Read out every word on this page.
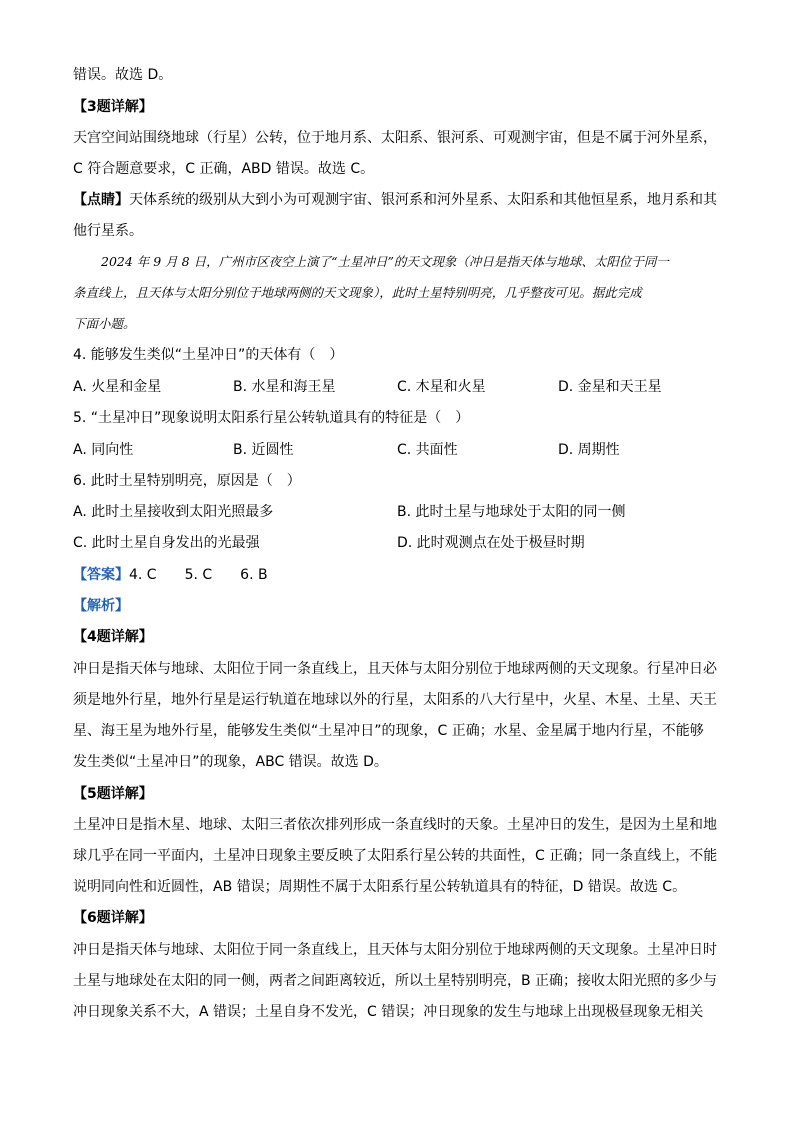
错误。故选 D。
【3题详解】
天宫空间站围绕地球（行星）公转，位于地月系、太阳系、银河系、可观测宇宙，但是不属于河外星系，
C 符合题意要求，C 正确，ABD 错误。故选 C。
【点睛】天体系统的级别从大到小为可观测宇宙、银河系和河外星系、太阳系和其他恒星系，地月系和其
他行星系。
2024 年 9 月 8 日，广州市区夜空上演了“土星冲日”的天文现象（冲日是指天体与地球、太阳位于同一
条直线上，且天体与太阳分别位于地球两侧的天文现象），此时土星特别明亮，几乎整夜可见。据此完成
下面小题。
4. 能够发生类似“土星冲日”的天体有（　）
A. 火星和金星	B. 水星和海王星	C. 木星和火星	D. 金星和天王星
5. “土星冲日”现象说明太阳系行星公转轨道具有的特征是（　）
A. 同向性	B. 近圆性	C. 共面性	D. 周期性
6. 此时土星特别明亮，原因是（　）
A. 此时土星接收到太阳光照最多	B. 此时土星与地球处于太阳的同一侧
C. 此时土星自身发出的光最强	D. 此时观测点在处于极昼时期
【答案】4. C　　5. C　　6. B
【解析】
【4题详解】
冲日是指天体与地球、太阳位于同一条直线上，且天体与太阳分别位于地球两侧的天文现象。行星冲日必
须是地外行星，地外行星是运行轨道在地球以外的行星，太阳系的八大行星中，火星、木星、土星、天王
星、海王星为地外行星，能够发生类似“土星冲日”的现象，C 正确；水星、金星属于地内行星，不能够
发生类似“土星冲日”的现象，ABC 错误。故选 D。
【5题详解】
土星冲日是指木星、地球、太阳三者依次排列形成一条直线时的天象。土星冲日的发生，是因为土星和地
球几乎在同一平面内，土星冲日现象主要反映了太阳系行星公转的共面性，C 正确；同一条直线上，不能
说明同向性和近圆性，AB 错误；周期性不属于太阳系行星公转轨道具有的特征，D 错误。故选 C。
【6题详解】
冲日是指天体与地球、太阳位于同一条直线上，且天体与太阳分别位于地球两侧的天文现象。土星冲日时
土星与地球处在太阳的同一侧，两者之间距离较近，所以土星特别明亮，B 正确；接收太阳光照的多少与
冲日现象关系不大，A 错误；土星自身不发光，C 错误；冲日现象的发生与地球上出现极昼现象无相关
